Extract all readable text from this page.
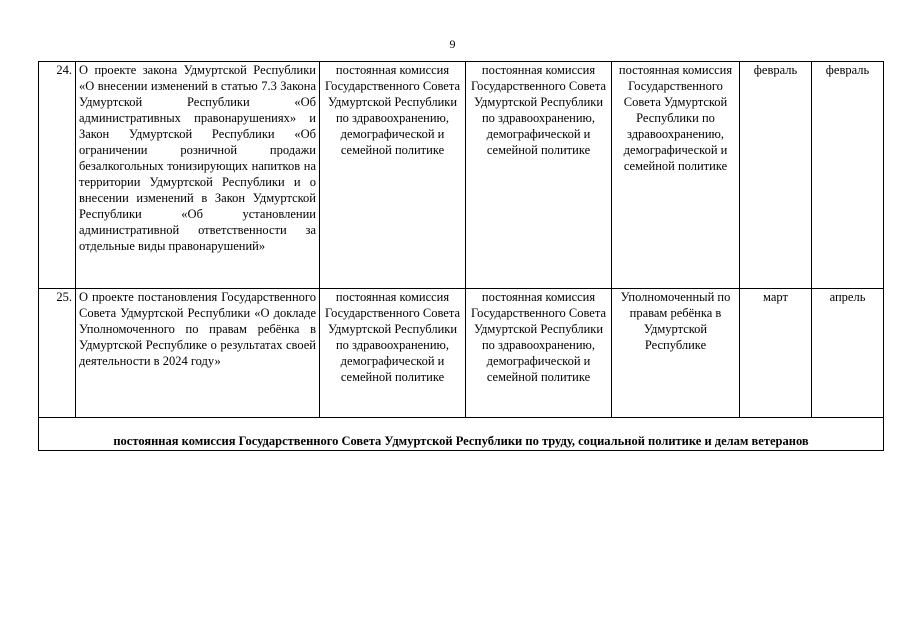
9
24.	О проекте закона Удмуртской Республики «О внесении изменений в статью 7.3 Закона Удмуртской Республики «Об административных правонарушениях» и Закон Удмуртской Республики «Об ограничении розничной продажи безалкогольных тонизирующих напитков на территории Удмуртской Республики и о внесении изменений в Закон Удмуртской Республики «Об установлении административной ответственности за отдельные виды правонарушений»	постоянная комиссия Государственного Совета Удмуртской Республики по здравоохранению, демографической и семейной политике	постоянная комиссия Государственного Совета Удмуртской Республики по здравоохранению, демографической и семейной политике	постоянная комиссия Государственного Совета Удмуртской Республики по здравоохранению, демографической и семейной политике	февраль	февраль
25.	О проекте постановления Государственного Совета Удмуртской Республики «О докладе Уполномоченного по правам ребёнка в Удмуртской Республике о результатах своей деятельности в 2024 году»	постоянная комиссия Государственного Совета Удмуртской Республики по здравоохранению, демографической и семейной политике	постоянная комиссия Государственного Совета Удмуртской Республики по здравоохранению, демографической и семейной политике	Уполномоченный по правам ребёнка в Удмуртской Республике	март	апрель
постоянная комиссия Государственного Совета Удмуртской Республики по труду, социальной политике и делам ветеранов						
